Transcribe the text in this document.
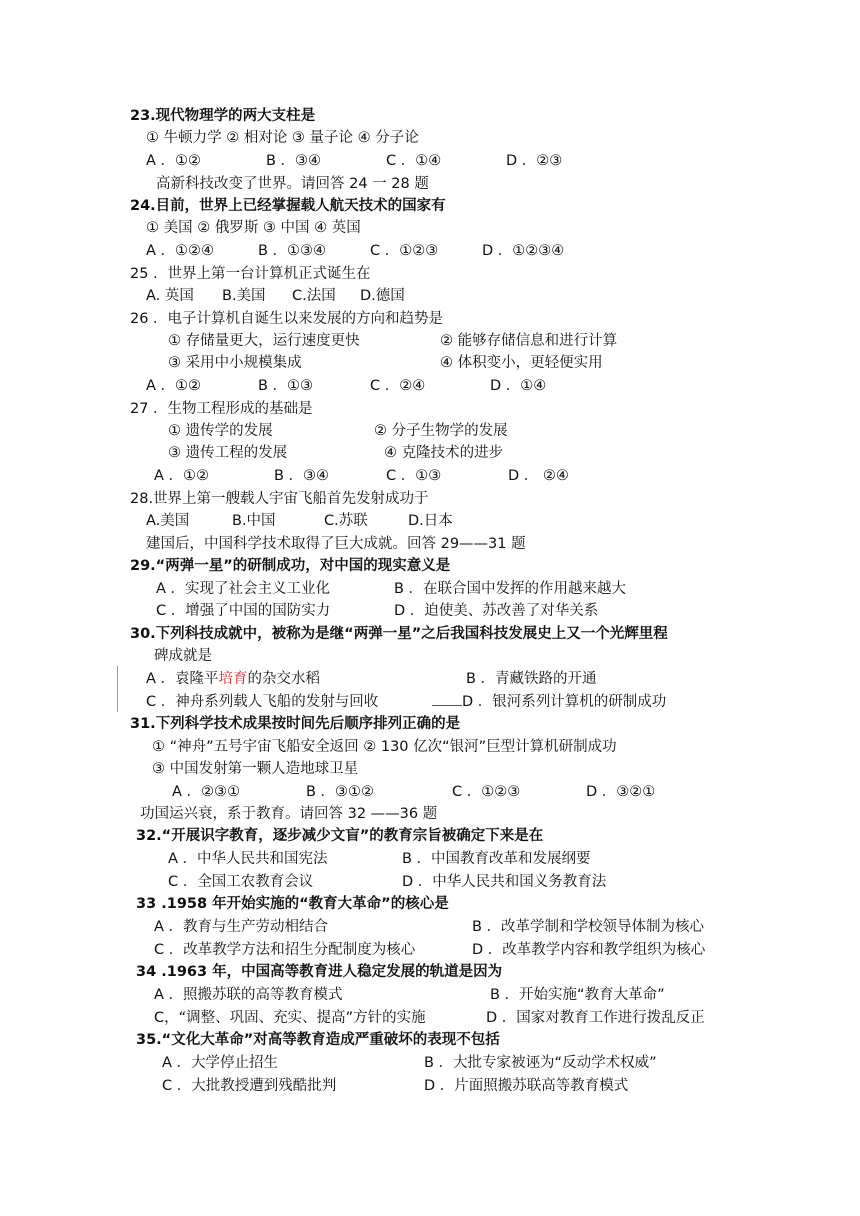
23.现代物理学的两大支柱是
① 牛顿力学 ② 相对论 ③ 量子论 ④ 分子论
A ．①②	B ．③④	C ．①④	D ．②③
高新科技改变了世界。请回答 24 一 28 题
24.目前，世界上已经掌握载人航天技术的国家有
① 美国 ② 俄罗斯 ③ 中国 ④ 英国
A ．①②④	B ．①③④	C ．①②③	D ．①②③④
25 ．世界上第一台计算机正式诞生在
A. 英国 B.美国 C.法国 D.德国
26 ．电子计算机自诞生以来发展的方向和趋势是
① 存储量更大，运行速度更快	② 能够存储信息和进行计算
③ 采用中小规模集成	④ 体积变小，更轻便实用
A ．①②	B ．①③	C ．②④	D ．①④
27 ．生物工程形成的基础是
① 遗传学的发展	② 分子生物学的发展
③ 遗传工程的发展	④ 克隆技术的进步
A ．①②	B ．③④	C ．①③	D ． ②④
28.世界上第一艘载人宇宙飞船首先发射成功于
A.美国	B.中国	C.苏联	D.日本
建国后，中国科学技术取得了巨大成就。回答 29——31 题
29.“两弹一星”的研制成功，对中国的现实意义是
A ．实现了社会主义工业化	B ．在联合国中发挥的作用越来越大
C ．增强了中国的国防实力	D ．迫使美、苏改善了对华关系
30.下列科技成就中，被称为是继“两弹一星”之后我国科技发展史上又一个光辉里程
碑成就是
A ．袁隆平培育的杂交水稻	B ．青藏铁路的开通
C ．神舟系列载人飞船的发射与回收	D ．银河系列计算机的研制成功
31.下列科学技术成果按时间先后顺序排列正确的是
① “神舟”五号宇宙飞船安全返回 ② 130 亿次“银河”巨型计算机研制成功
③ 中国发射第一颗人造地球卫星
A ．②③①	B ．③①②	C ．①②③	D ．③②①
功国运兴衰，系于教育。请回答 32 ——36 题
32.“开展识字教育，逐步减少文盲”的教育宗旨被确定下来是在
A ．中华人民共和国宪法	B ．中国教育改革和发展纲要
C ．全国工农教育会议	D ．中华人民共和国义务教育法
33 .1958 年开始实施的“教育大革命”的核心是
A ．教育与生产劳动相结合	B ．改革学制和学校领导体制为核心
C ．改革教学方法和招生分配制度为核心	D ．改革教学内容和教学组织为核心
34 .1963 年，中国高等教育进人稳定发展的轨道是因为
A ．照搬苏联的高等教育模式	B ．开始实施“教育大革命”
C，“调整、巩固、充实、提高”方针的实施	D ．国家对教育工作进行拨乱反正
35.“文化大革命”对高等教育造成严重破坏的表现不包括
A ．大学停止招生	B ．大批专家被诬为“反动学术权威”
C ．大批教授遭到残酷批判	D ．片面照搬苏联高等教育模式
